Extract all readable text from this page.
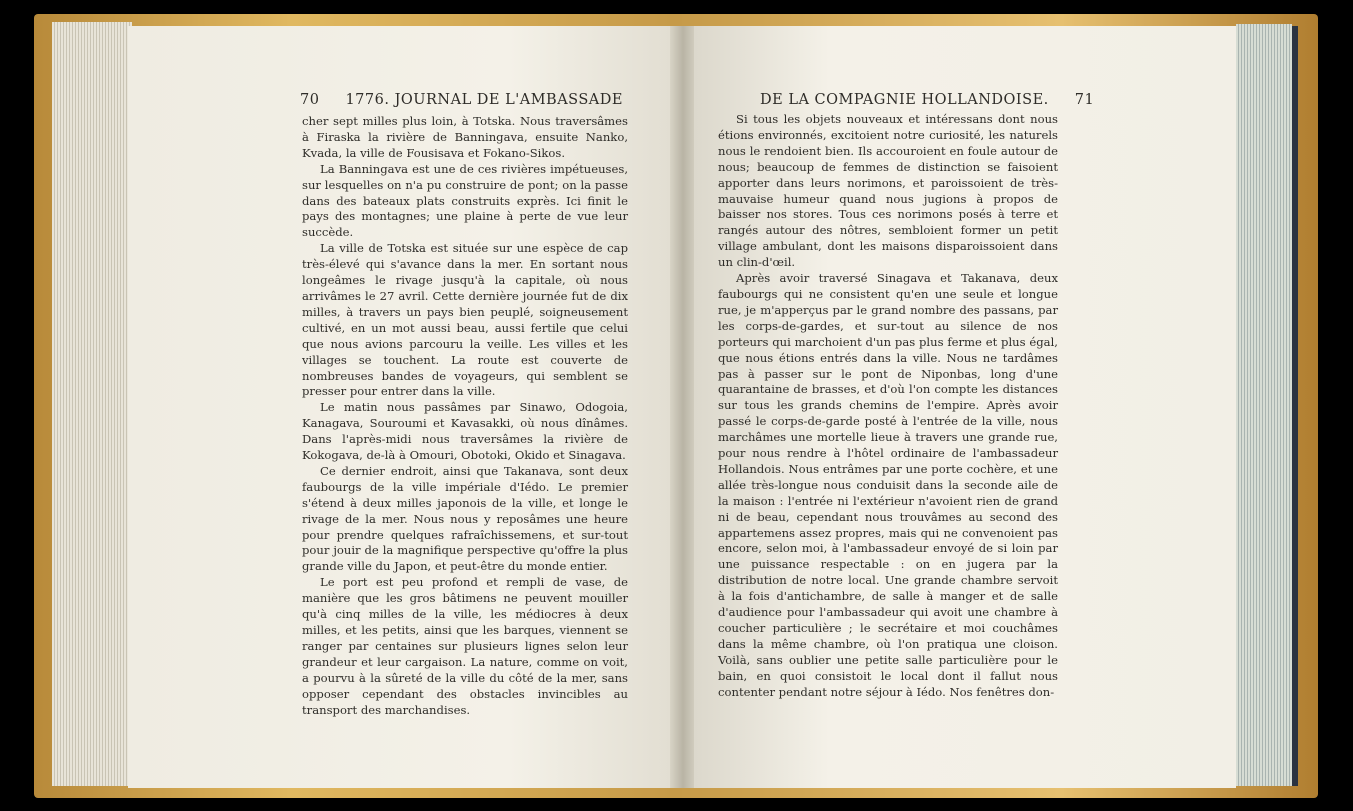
70 1776. JOURNAL DE L'AMBASSADE

cher sept milles plus loin, à Totska. Nous traversâmes à Firaska la rivière de Banningava, ensuite Nanko, Kvada, la ville de Fousisava et Fokano-Sikos.

La Banningava est une de ces rivières impétueuses, sur lesquelles on n'a pu construire de pont; on la passe dans des bateaux plats construits exprès. Ici finit le pays des montagnes; une plaine à perte de vue leur succède.

La ville de Totska est située sur une espèce de cap très-élevé qui s'avance dans la mer. En sortant nous longeâmes le rivage jusqu'à la capitale, où nous arrivâmes le 27 avril. Cette dernière journée fut de dix milles, à travers un pays bien peuplé, soigneusement cultivé, en un mot aussi beau, aussi fertile que celui que nous avions parcouru la veille. Les villes et les villages se touchent. La route est couverte de nombreuses bandes de voyageurs, qui semblent se presser pour entrer dans la ville.

Le matin nous passâmes par Sinawo, Odogoia, Kanagava, Souroumi et Kavasakki, où nous dînâmes. Dans l'après-midi nous traversâmes la rivière de Kokogava, de-là à Omouri, Obotoki, Okido et Sinagava.

Ce dernier endroit, ainsi que Takanava, sont deux faubourgs de la ville impériale d'Iédo. Le premier s'étend à deux milles japonois de la ville, et longe le rivage de la mer. Nous nous y reposâmes une heure pour prendre quelques rafraîchissemens, et sur-tout pour jouir de la magnifique perspective qu'offre la plus grande ville du Japon, et peut-être du monde entier.

Le port est peu profond et rempli de vase, de manière que les gros bâtimens ne peuvent mouiller qu'à cinq milles de la ville, les médiocres à deux milles, et les petits, ainsi que les barques, viennent se ranger par centaines sur plusieurs lignes selon leur grandeur et leur cargaison. La nature, comme on voit, a pourvu à la sûreté de la ville du côté de la mer, sans opposer cependant des obstacles invincibles au transport des marchandises.

DE LA COMPAGNIE HOLLANDOISE. 71

Si tous les objets nouveaux et intéressans dont nous étions environnés, excitoient notre curiosité, les naturels nous le rendoient bien. Ils accouroient en foule autour de nous; beaucoup de femmes de distinction se faisoient apporter dans leurs norimons, et paroissoient de très-mauvaise humeur quand nous jugions à propos de baisser nos stores. Tous ces norimons posés à terre et rangés autour des nôtres, sembloient former un petit village ambulant, dont les maisons disparoissoient dans un clin-d'œil.

Après avoir traversé Sinagava et Takanava, deux faubourgs qui ne consistent qu'en une seule et longue rue, je m'apperçus par le grand nombre des passans, par les corps-de-gardes, et sur-tout au silence de nos porteurs qui marchoient d'un pas plus ferme et plus égal, que nous étions entrés dans la ville. Nous ne tardâmes pas à passer sur le pont de Niponbas, long d'une quarantaine de brasses, et d'où l'on compte les distances sur tous les grands chemins de l'empire. Après avoir passé le corps-de-garde posté à l'entrée de la ville, nous marchâmes une mortelle lieue à travers une grande rue, pour nous rendre à l'hôtel ordinaire de l'ambassadeur Hollandois. Nous entrâmes par une porte cochère, et une allée très-longue nous conduisit dans la seconde aile de la maison : l'entrée ni l'extérieur n'avoient rien de grand ni de beau, cependant nous trouvâmes au second des appartemens assez propres, mais qui ne convenoient pas encore, selon moi, à l'ambassadeur envoyé de si loin par une puissance respectable : on en jugera par la distribution de notre local. Une grande chambre servoit à la fois d'antichambre, de salle à manger et de salle d'audience pour l'ambassadeur qui avoit une chambre à coucher particulière ; le secrétaire et moi couchâmes dans la même chambre, où l'on pratiqua une cloison. Voilà, sans oublier une petite salle particulière pour le bain, en quoi consistoit le local dont il fallut nous contenter pendant notre séjour à Iédo. Nos fenêtres don-
